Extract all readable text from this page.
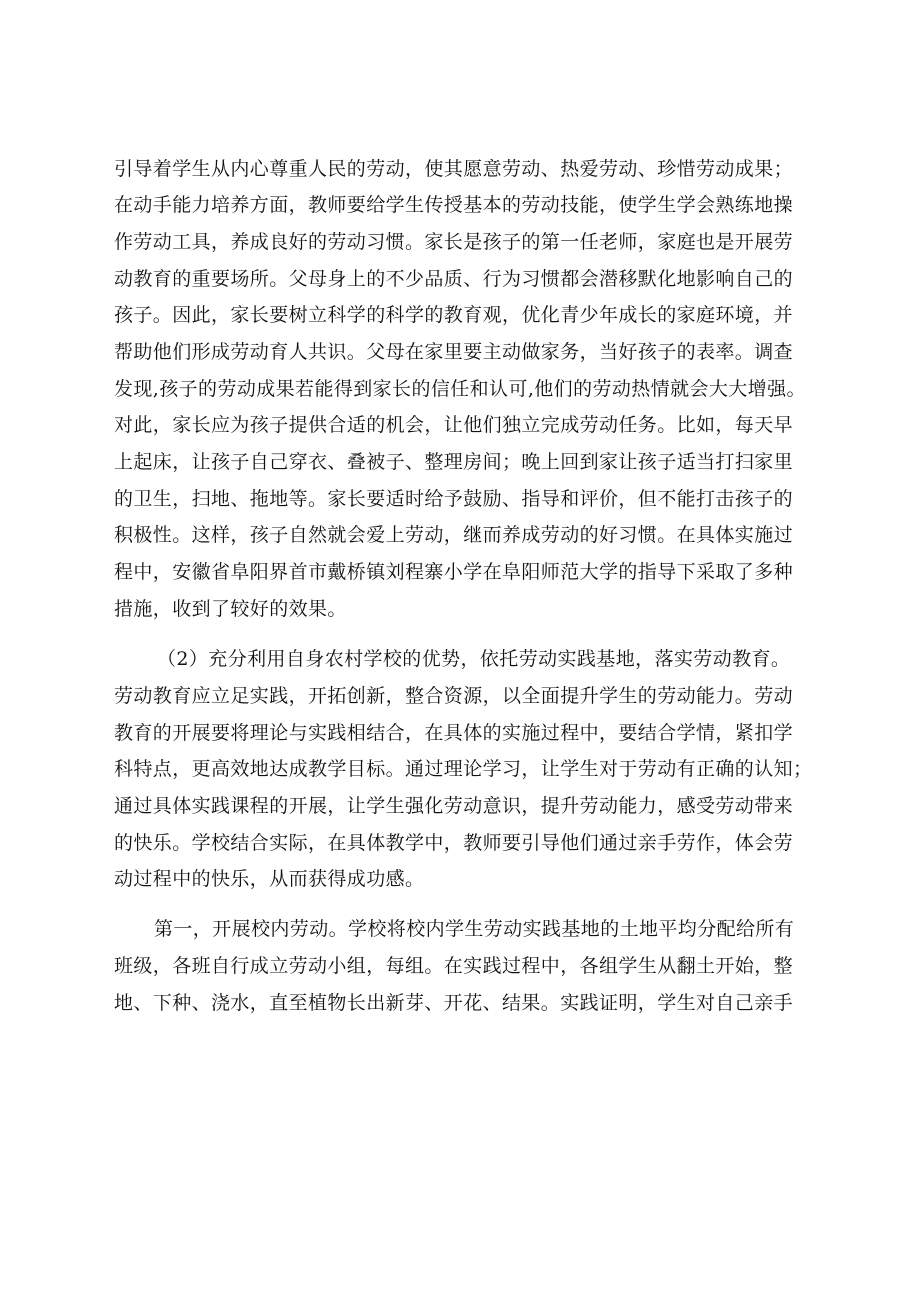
引导着学生从内心尊重人民的劳动，使其愿意劳动、热爱劳动、珍惜劳动成果；
在动手能力培养方面，教师要给学生传授基本的劳动技能，使学生学会熟练地操
作劳动工具，养成良好的劳动习惯。家长是孩子的第一任老师，家庭也是开展劳
动教育的重要场所。父母身上的不少品质、行为习惯都会潜移默化地影响自己的
孩子。因此，家长要树立科学的科学的教育观，优化青少年成长的家庭环境，并
帮助他们形成劳动育人共识。父母在家里要主动做家务，当好孩子的表率。调查
发现,孩子的劳动成果若能得到家长的信任和认可,他们的劳动热情就会大大增强。
对此，家长应为孩子提供合适的机会，让他们独立完成劳动任务。比如，每天早
上起床，让孩子自己穿衣、叠被子、整理房间；晚上回到家让孩子适当打扫家里
的卫生，扫地、拖地等。家长要适时给予鼓励、指导和评价，但不能打击孩子的
积极性。这样，孩子自然就会爱上劳动，继而养成劳动的好习惯。在具体实施过
程中，安徽省阜阳界首市戴桥镇刘程寨小学在阜阳师范大学的指导下采取了多种
措施，收到了较好的效果。
（2）充分利用自身农村学校的优势，依托劳动实践基地，落实劳动教育。
劳动教育应立足实践，开拓创新，整合资源，以全面提升学生的劳动能力。劳动
教育的开展要将理论与实践相结合，在具体的实施过程中，要结合学情，紧扣学
科特点，更高效地达成教学目标。通过理论学习，让学生对于劳动有正确的认知；
通过具体实践课程的开展，让学生强化劳动意识，提升劳动能力，感受劳动带来
的快乐。学校结合实际，在具体教学中，教师要引导他们通过亲手劳作，体会劳
动过程中的快乐，从而获得成功感。
第一，开展校内劳动。学校将校内学生劳动实践基地的土地平均分配给所有
班级，各班自行成立劳动小组，每组。在实践过程中，各组学生从翻土开始，整
地、下种、浇水，直至植物长出新芽、开花、结果。实践证明，学生对自己亲手
